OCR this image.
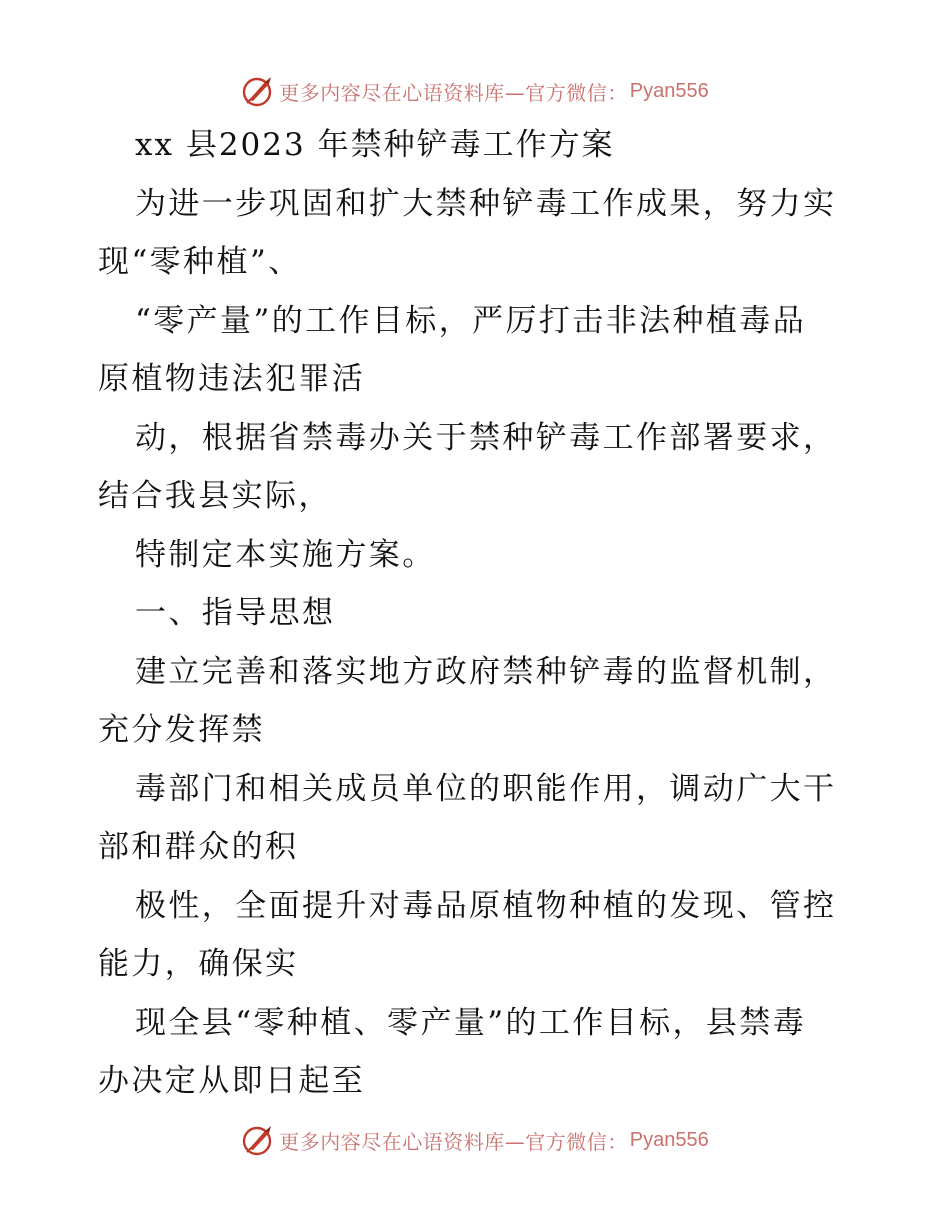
更多内容尽在心语资料库—官方微信： Pyan556
xx 县2023 年禁种铲毒工作方案
为进一步巩固和扩大禁种铲毒工作成果，努力实
现“零种植”、
“零产量”的工作目标，严厉打击非法种植毒品
原植物违法犯罪活
动，根据省禁毒办关于禁种铲毒工作部署要求，
结合我县实际，
特制定本实施方案。
一、指导思想
建立完善和落实地方政府禁种铲毒的监督机制，
充分发挥禁
毒部门和相关成员单位的职能作用，调动广大干
部和群众的积
极性，全面提升对毒品原植物种植的发现、管控
能力，确保实
现全县“零种植、零产量”的工作目标，县禁毒
办决定从即日起至
更多内容尽在心语资料库—官方微信： Pyan556
